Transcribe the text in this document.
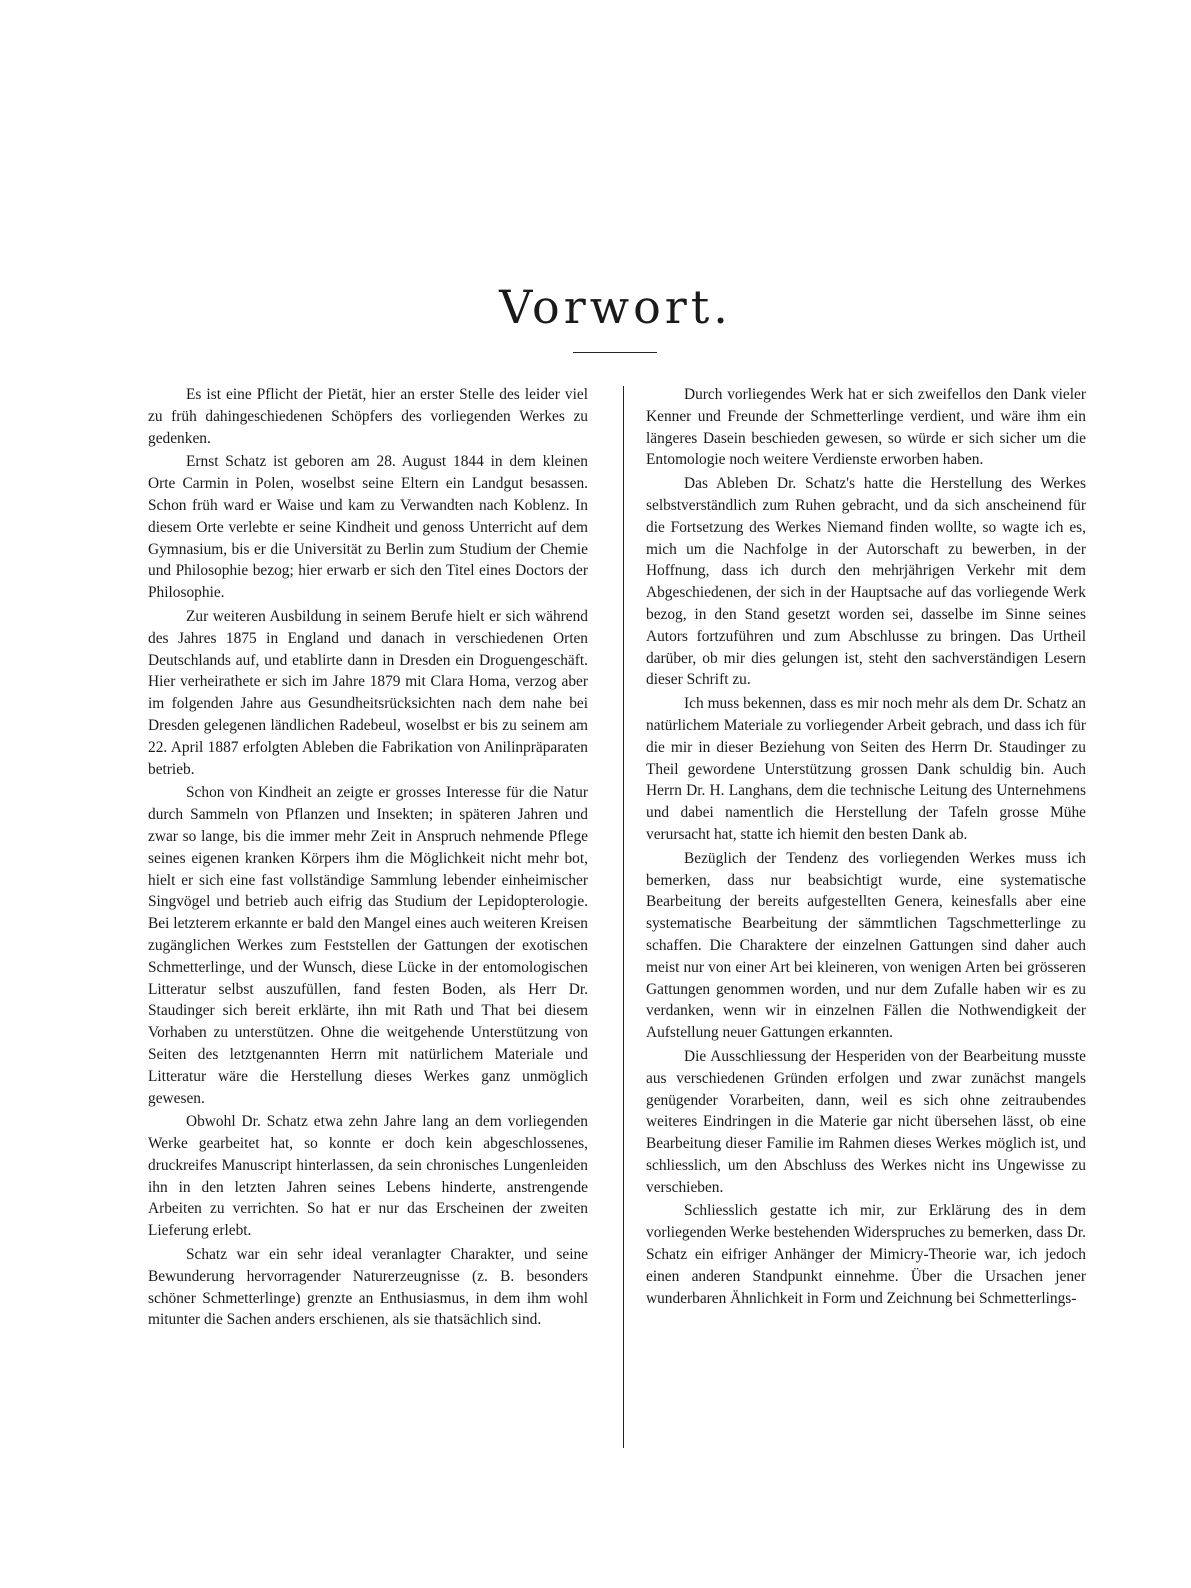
Vorwort.

Es ist eine Pflicht der Pietät, hier an erster Stelle des leider viel zu früh dahingeschiedenen Schöpfers des vorliegenden Werkes zu gedenken.

Ernst Schatz ist geboren am 28. August 1844 in dem kleinen Orte Carmin in Polen, woselbst seine Eltern ein Landgut besassen. Schon früh ward er Waise und kam zu Verwandten nach Koblenz. In diesem Orte verlebte er seine Kindheit und genoss Unterricht auf dem Gymnasium, bis er die Universität zu Berlin zum Studium der Chemie und Philosophie bezog; hier erwarb er sich den Titel eines Doctors der Philosophie.

Zur weiteren Ausbildung in seinem Berufe hielt er sich während des Jahres 1875 in England und danach in verschiedenen Orten Deutschlands auf, und etablirte dann in Dresden ein Droguengeschäft. Hier verheirathete er sich im Jahre 1879 mit Clara Homa, verzog aber im folgenden Jahre aus Gesundheitsrücksichten nach dem nahe bei Dresden gelegenen ländlichen Radebeul, woselbst er bis zu seinem am 22. April 1887 erfolgten Ableben die Fabrikation von Anilinpräparaten betrieb.

Schon von Kindheit an zeigte er grosses Interesse für die Natur durch Sammeln von Pflanzen und Insekten; in späteren Jahren und zwar so lange, bis die immer mehr Zeit in Anspruch nehmende Pflege seines eigenen kranken Körpers ihm die Möglichkeit nicht mehr bot, hielt er sich eine fast vollständige Sammlung lebender einheimischer Singvögel und betrieb auch eifrig das Studium der Lepidopterologie. Bei letzterem erkannte er bald den Mangel eines auch weiteren Kreisen zugänglichen Werkes zum Feststellen der Gattungen der exotischen Schmetterlinge, und der Wunsch, diese Lücke in der entomologischen Litteratur selbst auszufüllen, fand festen Boden, als Herr Dr. Staudinger sich bereit erklärte, ihn mit Rath und That bei diesem Vorhaben zu unterstützen. Ohne die weitgehende Unterstützung von Seiten des letztgenannten Herrn mit natürlichem Materiale und Litteratur wäre die Herstellung dieses Werkes ganz unmöglich gewesen.

Obwohl Dr. Schatz etwa zehn Jahre lang an dem vorliegenden Werke gearbeitet hat, so konnte er doch kein abgeschlossenes, druckreifes Manuscript hinterlassen, da sein chronisches Lungenleiden ihn in den letzten Jahren seines Lebens hinderte, anstrengende Arbeiten zu verrichten. So hat er nur das Erscheinen der zweiten Lieferung erlebt.

Schatz war ein sehr ideal veranlagter Charakter, und seine Bewunderung hervorragender Naturerzeugnisse (z. B. besonders schöner Schmetterlinge) grenzte an Enthusiasmus, in dem ihm wohl mitunter die Sachen anders erschienen, als sie thatsächlich sind.

Durch vorliegendes Werk hat er sich zweifellos den Dank vieler Kenner und Freunde der Schmetterlinge verdient, und wäre ihm ein längeres Dasein beschieden gewesen, so würde er sich sicher um die Entomologie noch weitere Verdienste erworben haben.

Das Ableben Dr. Schatz's hatte die Herstellung des Werkes selbstverständlich zum Ruhen gebracht, und da sich anscheinend für die Fortsetzung des Werkes Niemand finden wollte, so wagte ich es, mich um die Nachfolge in der Autorschaft zu bewerben, in der Hoffnung, dass ich durch den mehrjährigen Verkehr mit dem Abgeschiedenen, der sich in der Hauptsache auf das vorliegende Werk bezog, in den Stand gesetzt worden sei, dasselbe im Sinne seines Autors fortzuführen und zum Abschlusse zu bringen. Das Urtheil darüber, ob mir dies gelungen ist, steht den sachverständigen Lesern dieser Schrift zu.

Ich muss bekennen, dass es mir noch mehr als dem Dr. Schatz an natürlichem Materiale zu vorliegender Arbeit gebrach, und dass ich für die mir in dieser Beziehung von Seiten des Herrn Dr. Staudinger zu Theil gewordene Unterstützung grossen Dank schuldig bin. Auch Herrn Dr. H. Langhans, dem die technische Leitung des Unternehmens und dabei namentlich die Herstellung der Tafeln grosse Mühe verursacht hat, statte ich hiemit den besten Dank ab.

Bezüglich der Tendenz des vorliegenden Werkes muss ich bemerken, dass nur beabsichtigt wurde, eine systematische Bearbeitung der bereits aufgestellten Genera, keinesfalls aber eine systematische Bearbeitung der sämmtlichen Tagschmetterlinge zu schaffen. Die Charaktere der einzelnen Gattungen sind daher auch meist nur von einer Art bei kleineren, von wenigen Arten bei grösseren Gattungen genommen worden, und nur dem Zufalle haben wir es zu verdanken, wenn wir in einzelnen Fällen die Nothwendigkeit der Aufstellung neuer Gattungen erkannten.

Die Ausschliessung der Hesperiden von der Bearbeitung musste aus verschiedenen Gründen erfolgen und zwar zunächst mangels genügender Vorarbeiten, dann, weil es sich ohne zeitraubendes weiteres Eindringen in die Materie gar nicht übersehen lässt, ob eine Bearbeitung dieser Familie im Rahmen dieses Werkes möglich ist, und schliesslich, um den Abschluss des Werkes nicht ins Ungewisse zu verschieben.

Schliesslich gestatte ich mir, zur Erklärung des in dem vorliegenden Werke bestehenden Widerspruches zu bemerken, dass Dr. Schatz ein eifriger Anhänger der Mimicry-Theorie war, ich jedoch einen anderen Standpunkt einnehme. Über die Ursachen jener wunderbaren Ähnlichkeit in Form und Zeichnung bei Schmetterlings-
